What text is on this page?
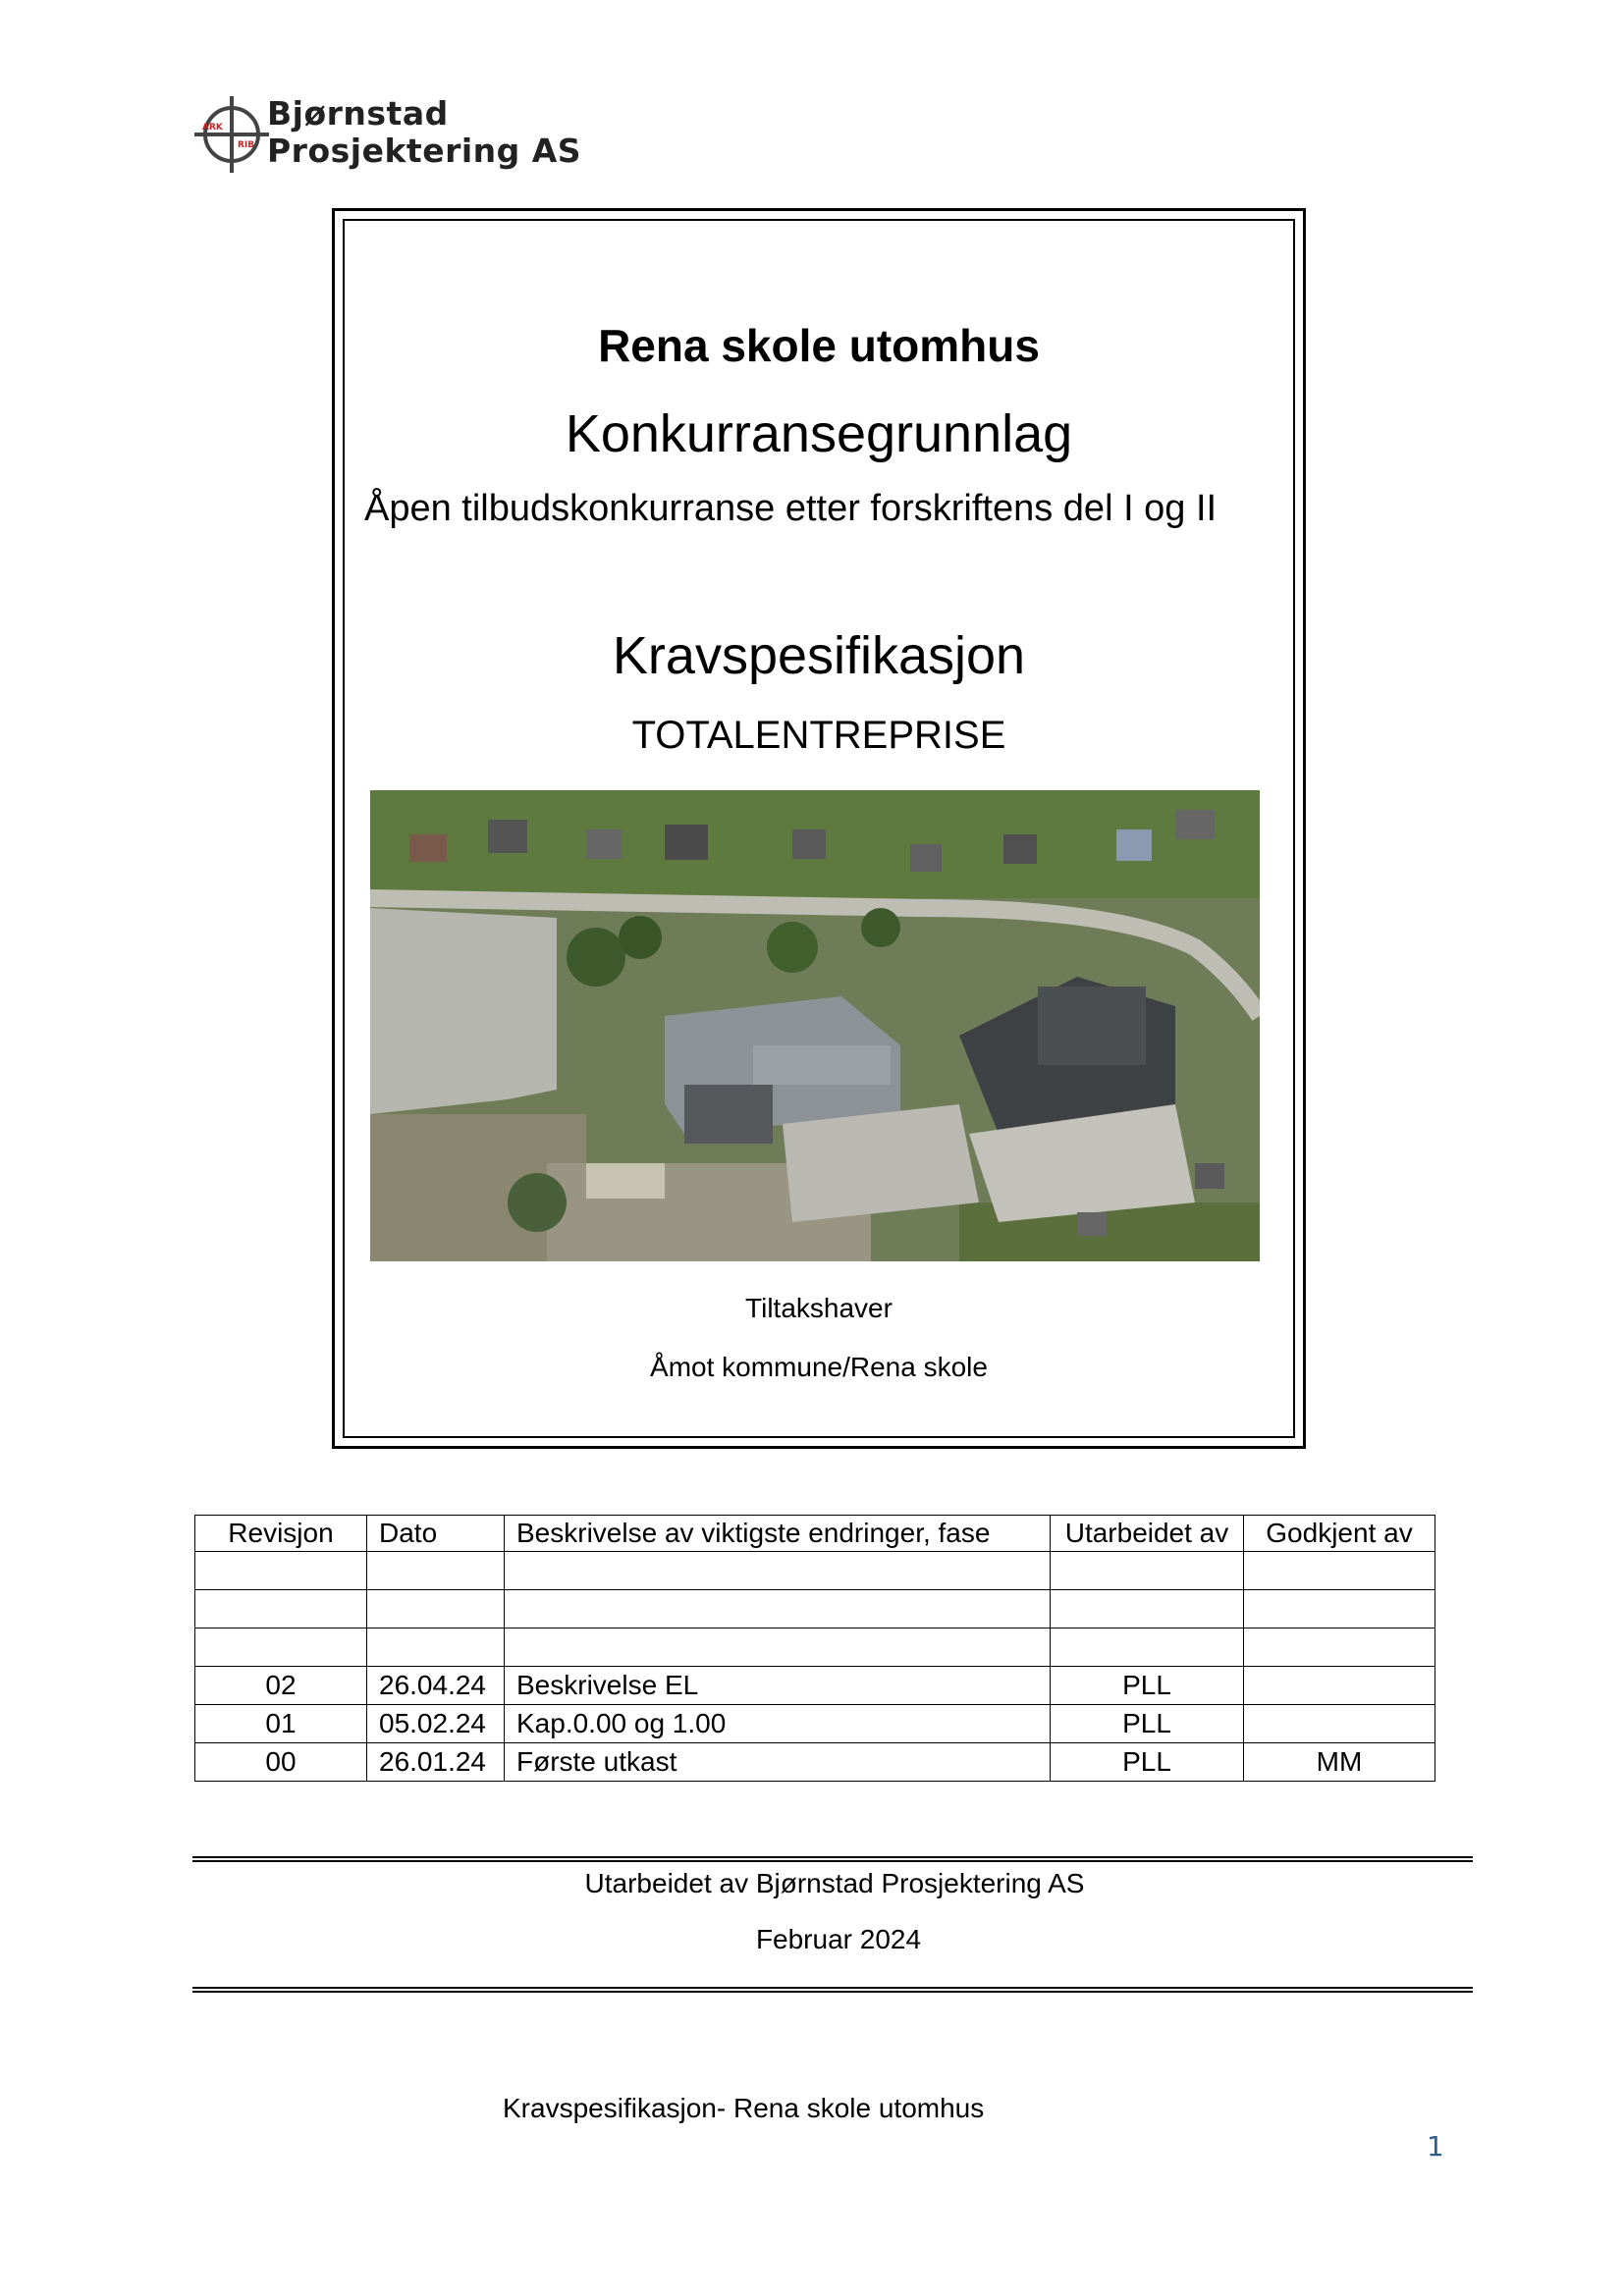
ARK
RIB
Bjørnstad
Prosjektering AS
Rena skole utomhus
Konkurransegrunnlag
Åpen tilbudskonkurranse etter forskriftens del I og II
Kravspesifikasjon
TOTALENTREPRISE
Tiltakshaver
Åmot kommune/Rena skole
Revisjon	Dato	Beskrivelse av viktigste endringer, fase	Utarbeidet av	Godkjent av

02	26.04.24	Beskrivelse EL	PLL	
01	05.02.24	Kap.0.00 og 1.00	PLL	
00	26.01.24	Første utkast	PLL	MM
Utarbeidet av Bjørnstad Prosjektering AS
Februar 2024
Kravspesifikasjon- Rena skole utomhus
1
